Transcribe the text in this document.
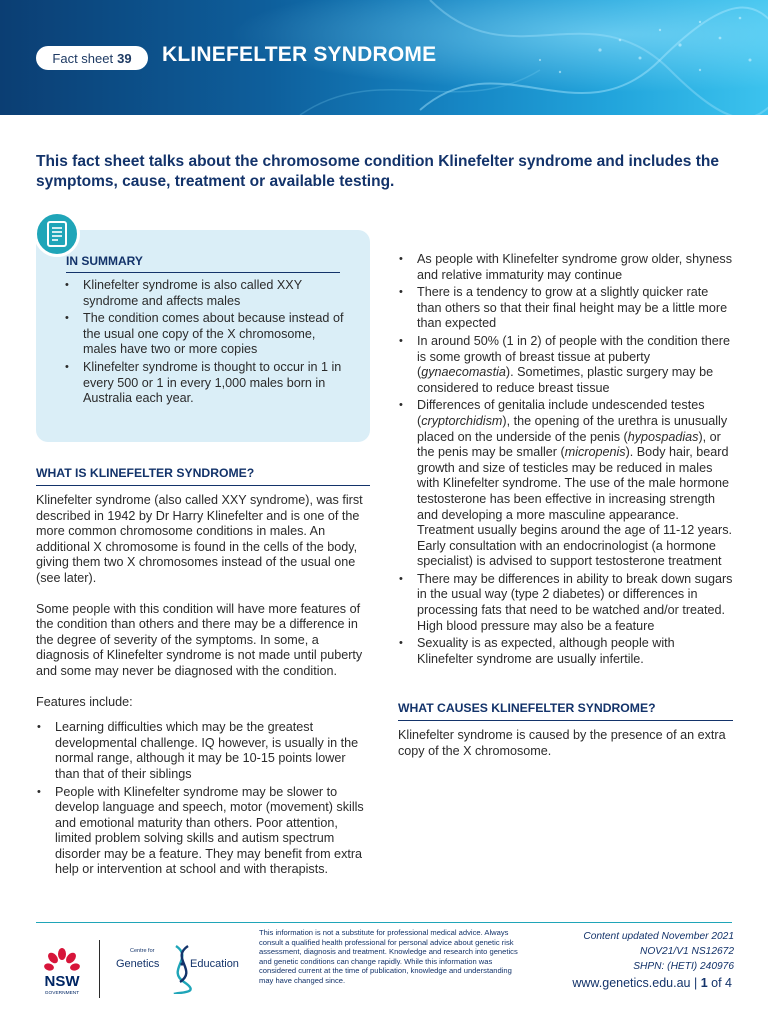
Fact sheet 39 KLINEFELTER SYNDROME
This fact sheet talks about the chromosome condition Klinefelter syndrome and includes the symptoms, cause, treatment or available testing.
IN SUMMARY
• Klinefelter syndrome is also called XXY syndrome and affects males
• The condition comes about because instead of the usual one copy of the X chromosome, males have two or more copies
• Klinefelter syndrome is thought to occur in 1 in every 500 or 1 in every 1,000 males born in Australia each year.
WHAT IS KLINEFELTER SYNDROME?

Klinefelter syndrome (also called XXY syndrome), was first described in 1942 by Dr Harry Klinefelter and is one of the more common chromosome conditions in males. An additional X chromosome is found in the cells of the body, giving them two X chromosomes instead of the usual one (see later).

Some people with this condition will have more features of the condition than others and there may be a difference in the degree of severity of the symptoms. In some, a diagnosis of Klinefelter syndrome is not made until puberty and some may never be diagnosed with the condition.

Features include:

• Learning difficulties which may be the greatest developmental challenge. IQ however, is usually in the normal range, although it may be 10-15 points lower than that of their siblings
• People with Klinefelter syndrome may be slower to develop language and speech, motor (movement) skills and emotional maturity than others. Poor attention, limited problem solving skills and autism spectrum disorder may be a feature. They may benefit from extra help or intervention at school and with therapists.
• As people with Klinefelter syndrome grow older, shyness and relative immaturity may continue
• There is a tendency to grow at a slightly quicker rate than others so that their final height may be a little more than expected
• In around 50% (1 in 2) of people with the condition there is some growth of breast tissue at puberty (gynaecomastia). Sometimes, plastic surgery may be considered to reduce breast tissue
• Differences of genitalia include undescended testes (cryptorchidism), the opening of the urethra is unusually placed on the underside of the penis (hypospadias), or the penis may be smaller (micropenis). Body hair, beard growth and size of testicles may be reduced in males with Klinefelter syndrome. The use of the male hormone testosterone has been effective in increasing strength and developing a more masculine appearance. Treatment usually begins around the age of 11-12 years. Early consultation with an endocrinologist (a hormone specialist) is advised to support testosterone treatment
• There may be differences in ability to break down sugars in the usual way (type 2 diabetes) or differences in processing fats that need to be watched and/or treated. High blood pressure may also be a feature
• Sexuality is as expected, although people with Klinefelter syndrome are usually infertile.
WHAT CAUSES KLINEFELTER SYNDROME?

Klinefelter syndrome is caused by the presence of an extra copy of the X chromosome.

NSW
GOVERNMENT
Centre for
Genetics	Education
This information is not a substitute for professional medical advice. Always consult a qualified health professional for personal advice about genetic risk assessment, diagnosis and treatment. Knowledge and research into genetics and genetic conditions can change rapidly. While this information was considered current at the time of publication, knowledge and understanding may have changed since.
Content updated November 2021
NOV21/V1 NS12672
SHPN: (HETI) 240976
www.genetics.edu.au | 1 of 4
